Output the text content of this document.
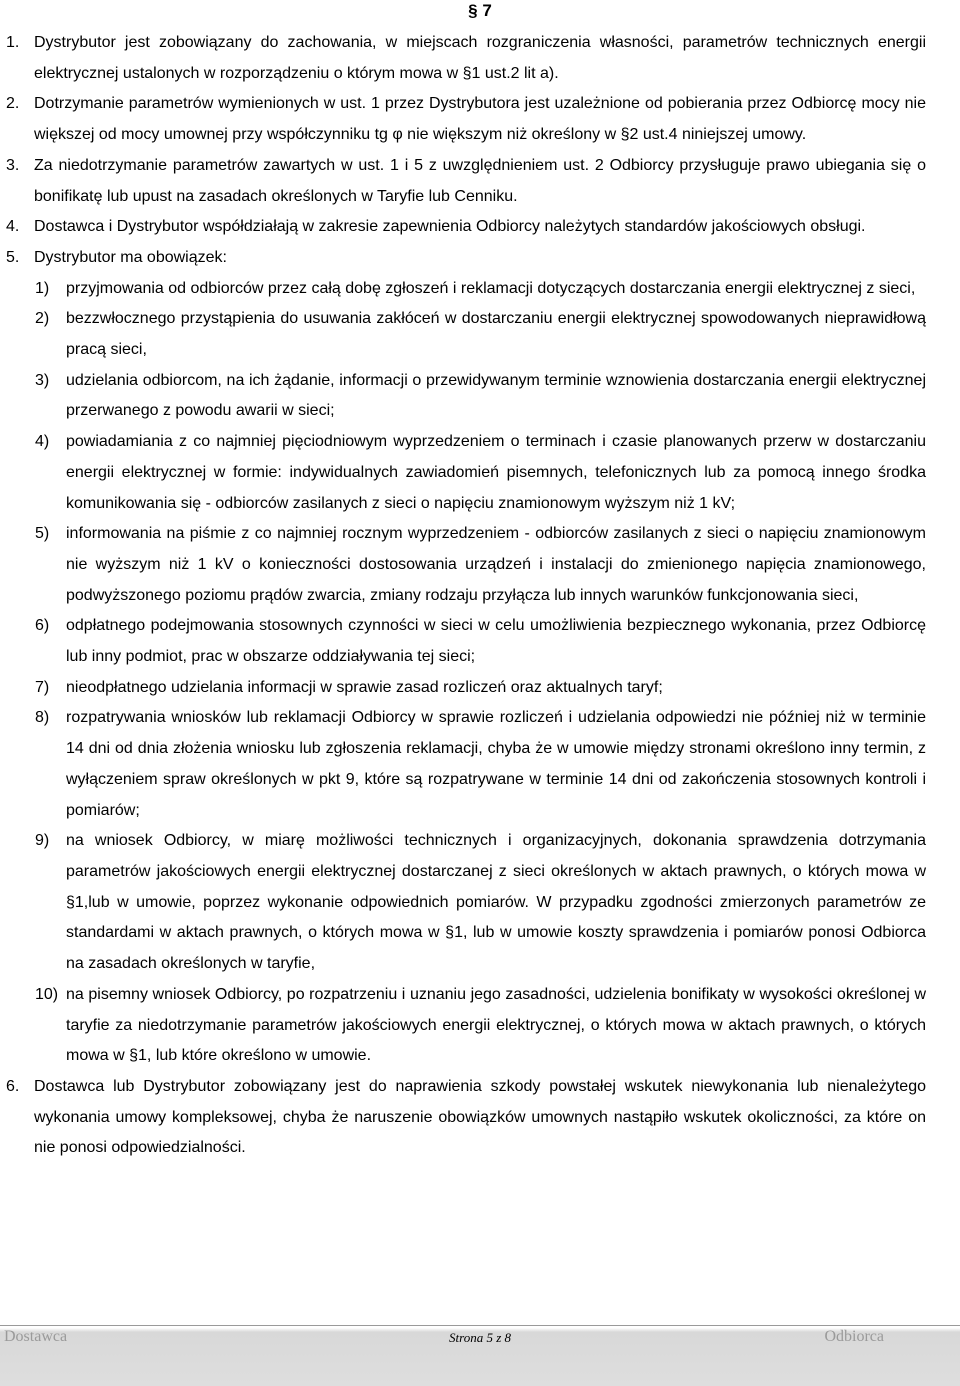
§ 7

1. Dystrybutor jest zobowiązany do zachowania, w miejscach rozgraniczenia własności, parametrów technicznych energii elektrycznej ustalonych w rozporządzeniu o którym mowa w §1 ust.2 lit a).

2. Dotrzymanie parametrów wymienionych w ust. 1 przez Dystrybutora jest uzależnione od pobierania przez Odbiorcę mocy nie większej od mocy umownej przy współczynniku tg φ nie większym niż określony w §2 ust.4 niniejszej umowy.

3. Za niedotrzymanie parametrów zawartych w ust. 1 i 5 z uwzględnieniem ust. 2 Odbiorcy przysługuje prawo ubiegania się o bonifikatę lub upust na zasadach określonych w Taryfie lub Cenniku.

4. Dostawca i Dystrybutor współdziałają w zakresie zapewnienia Odbiorcy należytych standardów jakościowych obsługi.

5. Dystrybutor ma obowiązek:

1) przyjmowania od odbiorców przez całą dobę zgłoszeń i reklamacji dotyczących dostarczania energii elektrycznej z sieci,

2) bezzwłocznego przystąpienia do usuwania zakłóceń w dostarczaniu energii elektrycznej spowodowanych nieprawidłową pracą sieci,

3) udzielania odbiorcom, na ich żądanie, informacji o przewidywanym terminie wznowienia dostarczania energii elektrycznej przerwanego z powodu awarii w sieci;

4) powiadamiania z co najmniej pięciodniowym wyprzedzeniem o terminach i czasie planowanych przerw w dostarczaniu energii elektrycznej w formie: indywidualnych zawiadomień pisemnych, telefonicznych lub za pomocą innego środka komunikowania się - odbiorców zasilanych z sieci o napięciu znamionowym wyższym niż 1 kV;

5) informowania na piśmie z co najmniej rocznym wyprzedzeniem - odbiorców zasilanych z sieci o napięciu znamionowym nie wyższym niż 1 kV o konieczności dostosowania urządzeń i instalacji do zmienionego napięcia znamionowego, podwyższonego poziomu prądów zwarcia, zmiany rodzaju przyłącza lub innych warunków funkcjonowania sieci,

6) odpłatnego podejmowania stosownych czynności w sieci w celu umożliwienia bezpiecznego wykonania, przez Odbiorcę lub inny podmiot, prac w obszarze oddziaływania tej sieci;

7) nieodpłatnego udzielania informacji w sprawie zasad rozliczeń oraz aktualnych taryf;

8) rozpatrywania wniosków lub reklamacji Odbiorcy w sprawie rozliczeń i udzielania odpowiedzi nie później niż w terminie 14 dni od dnia złożenia wniosku lub zgłoszenia reklamacji, chyba że w umowie między stronami określono inny termin, z wyłączeniem spraw określonych w pkt 9, które są rozpatrywane w terminie 14 dni od zakończenia stosownych kontroli i pomiarów;

9) na wniosek Odbiorcy, w miarę możliwości technicznych i organizacyjnych, dokonania sprawdzenia dotrzymania parametrów jakościowych energii elektrycznej dostarczanej z sieci określonych w aktach prawnych, o których mowa w §1,lub w umowie, poprzez wykonanie odpowiednich pomiarów. W przypadku zgodności zmierzonych parametrów ze standardami w aktach prawnych, o których mowa w §1, lub w umowie koszty sprawdzenia i pomiarów ponosi Odbiorca na zasadach określonych w taryfie,

10) na pisemny wniosek Odbiorcy, po rozpatrzeniu i uznaniu jego zasadności, udzielenia bonifikaty w wysokości określonej w taryfie za niedotrzymanie parametrów jakościowych energii elektrycznej, o których mowa w aktach prawnych, o których mowa w §1, lub które określono w umowie.

6. Dostawca lub Dystrybutor zobowiązany jest do naprawienia szkody powstałej wskutek niewykonania lub nienależytego wykonania umowy kompleksowej, chyba że naruszenie obowiązków umownych nastąpiło wskutek okoliczności, za które on nie ponosi odpowiedzialności.

Dostawca	Strona 5 z 8	Odbiorca
